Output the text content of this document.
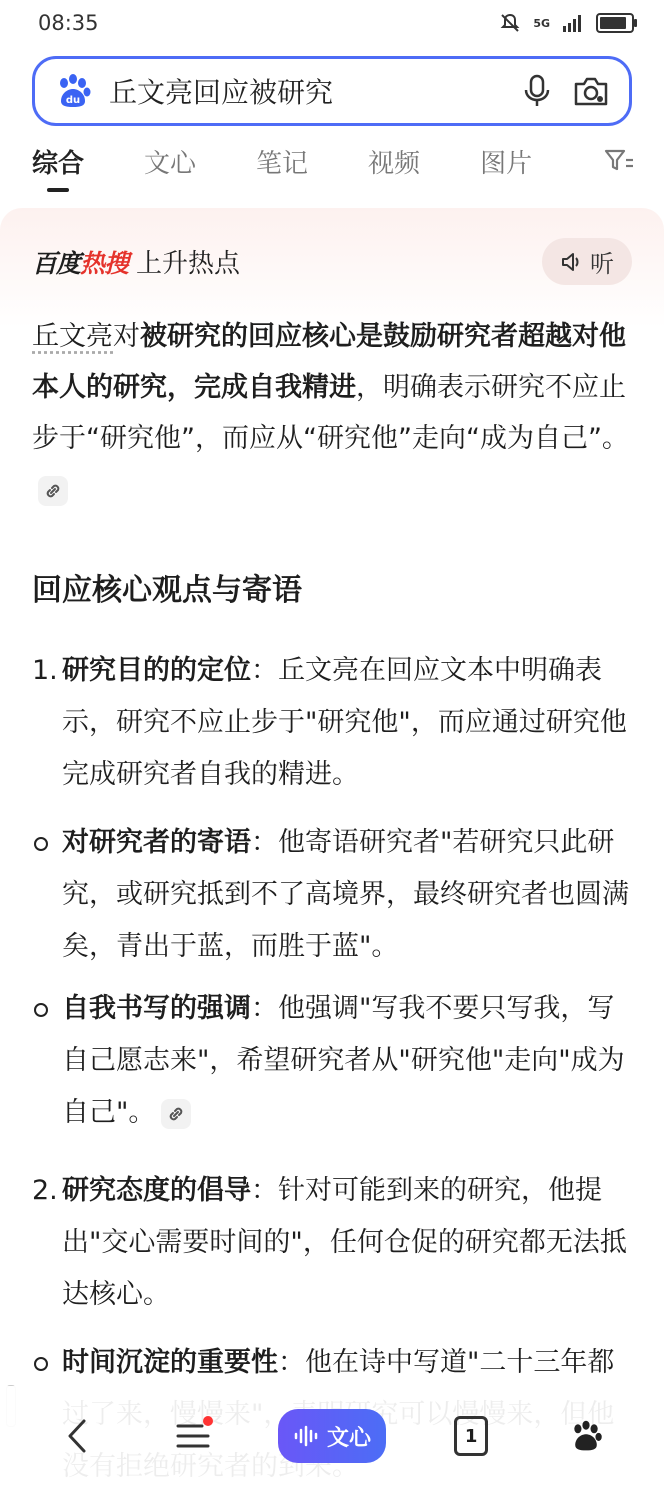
08:35	5G
du 丘文亮回应被研究
综合 文心 笔记 视频 图片
百度热搜 上升热点	听

丘文亮对被研究的回应核心是鼓励研究者超越对他本人的研究，完成自我精进，明确表示研究不应止步于“研究他”，而应从“研究他”走向“成为自己”。

回应核心观点与寄语
1. 研究目的的定位：丘文亮在回应文本中明确表示，研究不应止步于"研究他"，而应通过研究他完成研究者自我的精进。
对研究者的寄语：他寄语研究者"若研究只此研究，或研究抵到不了高境界，最终研究者也圆满矣，青出于蓝，而胜于蓝"。
自我书写的强调：他强调"写我不要只写我，写自己愿志来"，希望研究者从"研究他"走向"成为自己"。
2. 研究态度的倡导：针对可能到来的研究，他提出"交心需要时间的"，任何仓促的研究都无法抵达核心。
时间沉淀的重要性：他在诗中写道"二十三年都
文心	1
